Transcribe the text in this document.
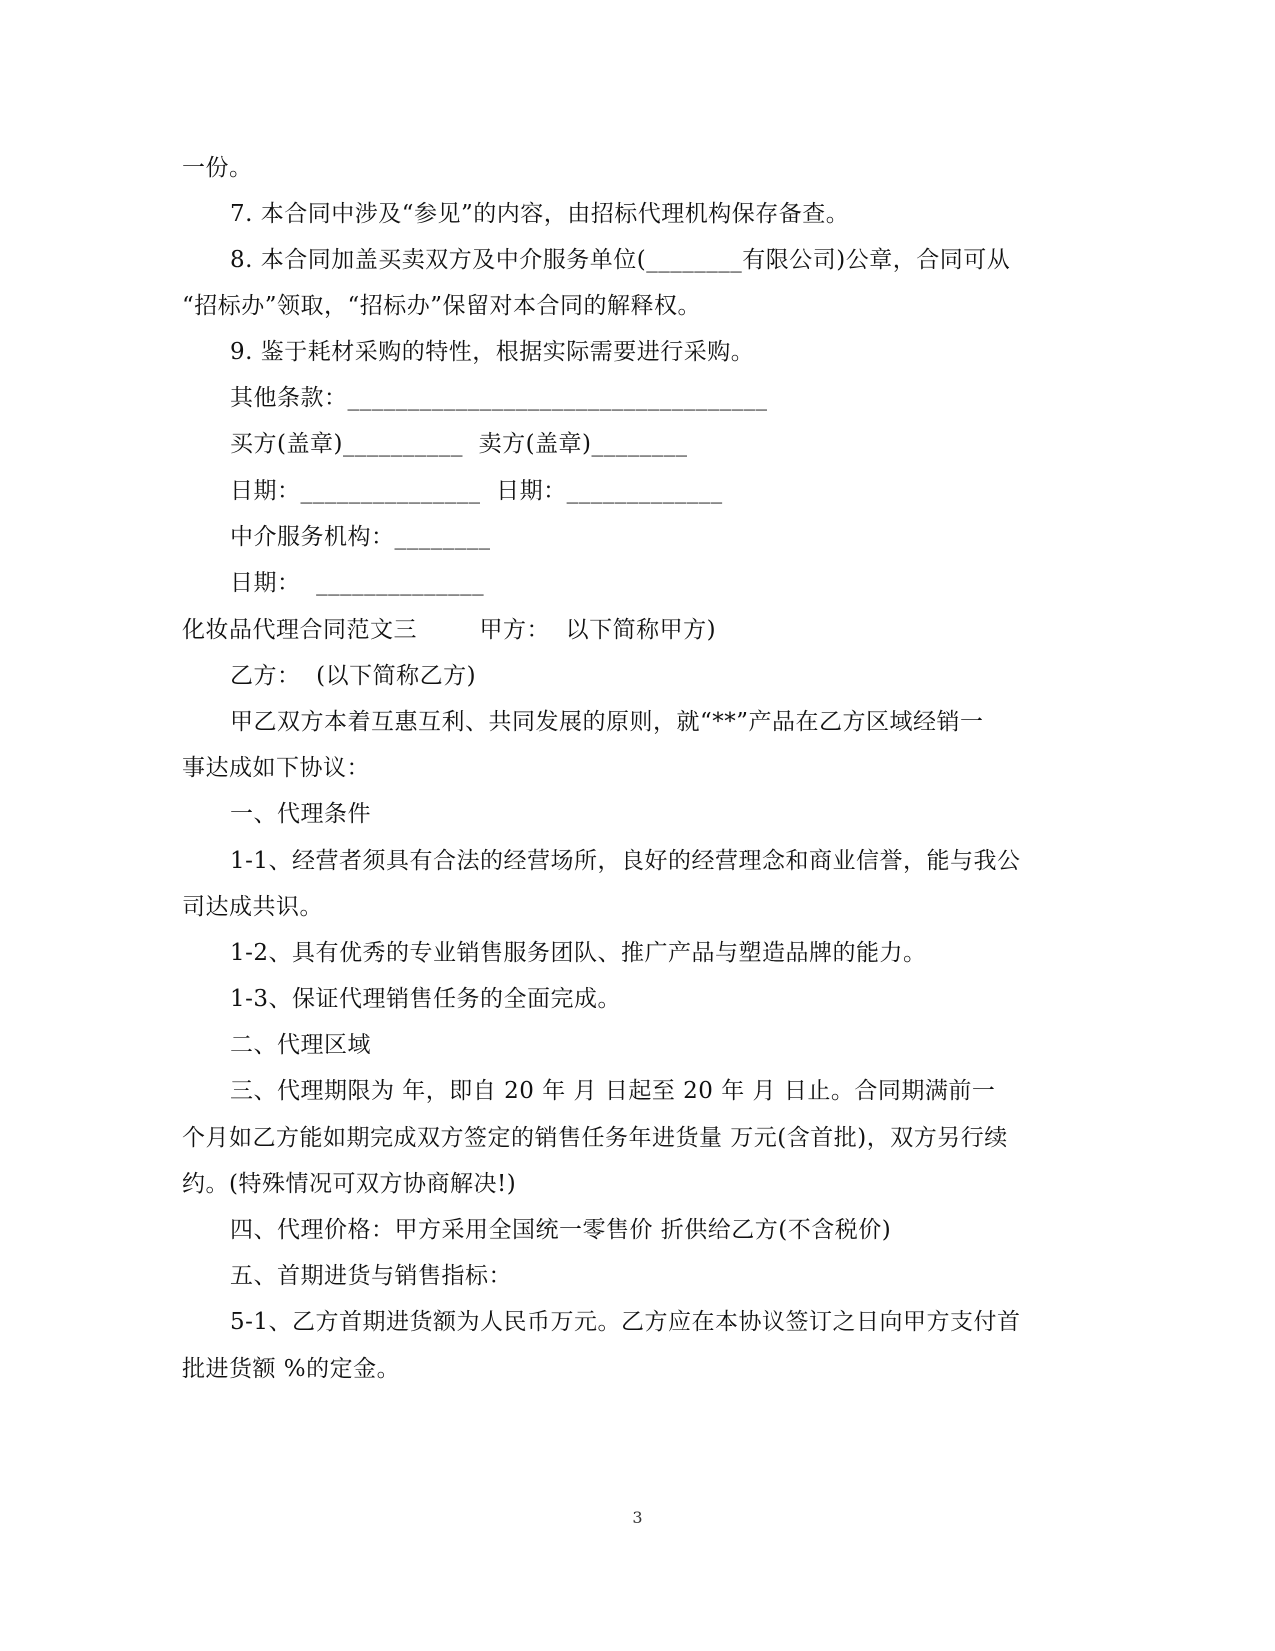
一份。
7. 本合同中涉及“参见”的内容，由招标代理机构保存备查。
8. 本合同加盖买卖双方及中介服务单位(________有限公司)公章，合同可从
“招标办”领取，“招标办”保留对本合同的解释权。
9. 鉴于耗材采购的特性，根据实际需要进行采购。
其他条款：___________________________________
买方(盖章)__________  卖方(盖章)________
日期：_______________  日期：_____________
中介服务机构：________
日期：  ______________
化妆品代理合同范文三        甲方：  以下简称甲方)
乙方：  (以下简称乙方)
甲乙双方本着互惠互利、共同发展的原则，就“**”产品在乙方区域经销一
事达成如下协议：
一、代理条件
1-1、经营者须具有合法的经营场所，良好的经营理念和商业信誉，能与我公
司达成共识。
1-2、具有优秀的专业销售服务团队、推广产品与塑造品牌的能力。
1-3、保证代理销售任务的全面完成。
二、代理区域
三、代理期限为 年，即自 20 年 月 日起至 20 年 月 日止。合同期满前一
个月如乙方能如期完成双方签定的销售任务年进货量 万元(含首批)，双方另行续
约。(特殊情况可双方协商解决!)
四、代理价格：甲方采用全国统一零售价 折供给乙方(不含税价)
五、首期进货与销售指标：
5-1、乙方首期进货额为人民币万元。乙方应在本协议签订之日向甲方支付首
批进货额 %的定金。
3
